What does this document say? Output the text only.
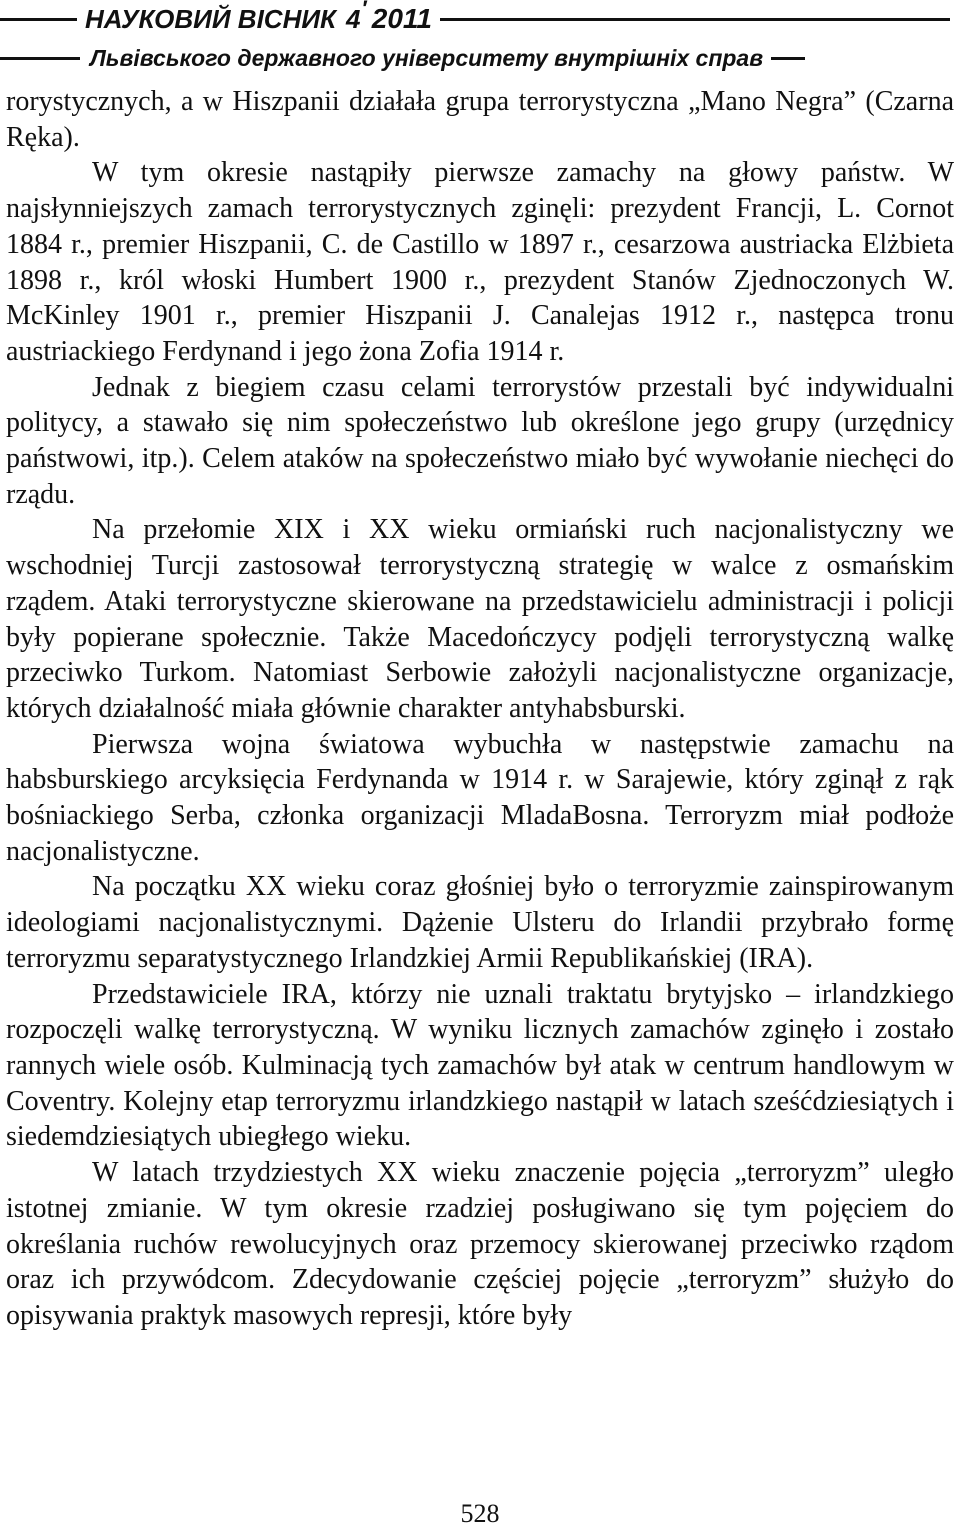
НАУКОВИЙ ВІСНИК 4 ′ 2011
Львівського державного університету внутрішніх справ

rorystycznych, a w Hiszpanii działała grupa terrorystyczna „Mano Negra” (Czarna Ręka).

W tym okresie nastąpiły pierwsze zamachy na głowy państw. W najsłynniejszych zamach terrorystycznych zginęli: prezydent Francji, L. Cornot 1884 r., premier Hiszpanii, C. de Castillo w 1897 r., cesarzowa austriacka Elżbieta 1898 r., król włoski Humbert 1900 r., prezydent Stanów Zjednoczonych W. McKinley 1901 r., premier Hiszpanii J. Canalejas 1912 r., następca tronu austriackiego Ferdynand i jego żona Zofia 1914 r.

Jednak z biegiem czasu celami terrorystów przestali być indywidualni politycy, a stawało się nim społeczeństwo lub określone jego grupy (urzędnicy państwowi, itp.). Celem ataków na społeczeństwo miało być wywołanie niechęci do rządu.

Na przełomie XIX i XX wieku ormiański ruch nacjonalistyczny we wschodniej Turcji zastosował terrorystyczną strategię w walce z osmańskim rządem. Ataki terrorystyczne skierowane na przedstawicielu administracji i policji były popierane społecznie. Także Macedończycy podjęli terrorystyczną walkę przeciwko Turkom. Natomiast Serbowie założyli nacjonalistyczne organizacje, których działalność miała głównie charakter antyhabsburski.

Pierwsza wojna światowa wybuchła w następstwie zamachu na habsburskiego arcyksięcia Ferdynanda w 1914 r. w Sarajewie, który zginął z rąk bośniackiego Serba, członka organizacji MladaBosna. Terroryzm miał podłoże nacjonalistyczne.

Na początku XX wieku coraz głośniej było o terroryzmie zainspirowanym ideologiami nacjonalistycznymi. Dążenie Ulsteru do Irlandii przybrało formę terroryzmu separatystycznego Irlandzkiej Armii Republikańskiej (IRA).

Przedstawiciele IRA, którzy nie uznali traktatu brytyjsko – irlandzkiego rozpoczęli walkę terrorystyczną. W wyniku licznych zamachów zginęło i zostało rannych wiele osób. Kulminacją tych zamachów był atak w centrum handlowym w Coventry. Kolejny etap terroryzmu irlandzkiego nastąpił w latach sześćdziesiątych i siedemdziesiątych ubiegłego wieku.

W latach trzydziestych XX wieku znaczenie pojęcia „terroryzm” uległo istotnej zmianie. W tym okresie rzadziej posługiwano się tym pojęciem do określania ruchów rewolucyjnych oraz przemocy skierowanej przeciwko rządom oraz ich przywódcom. Zdecydowanie częściej pojęcie „terroryzm” służyło do opisywania praktyk masowych represji, które były

528
